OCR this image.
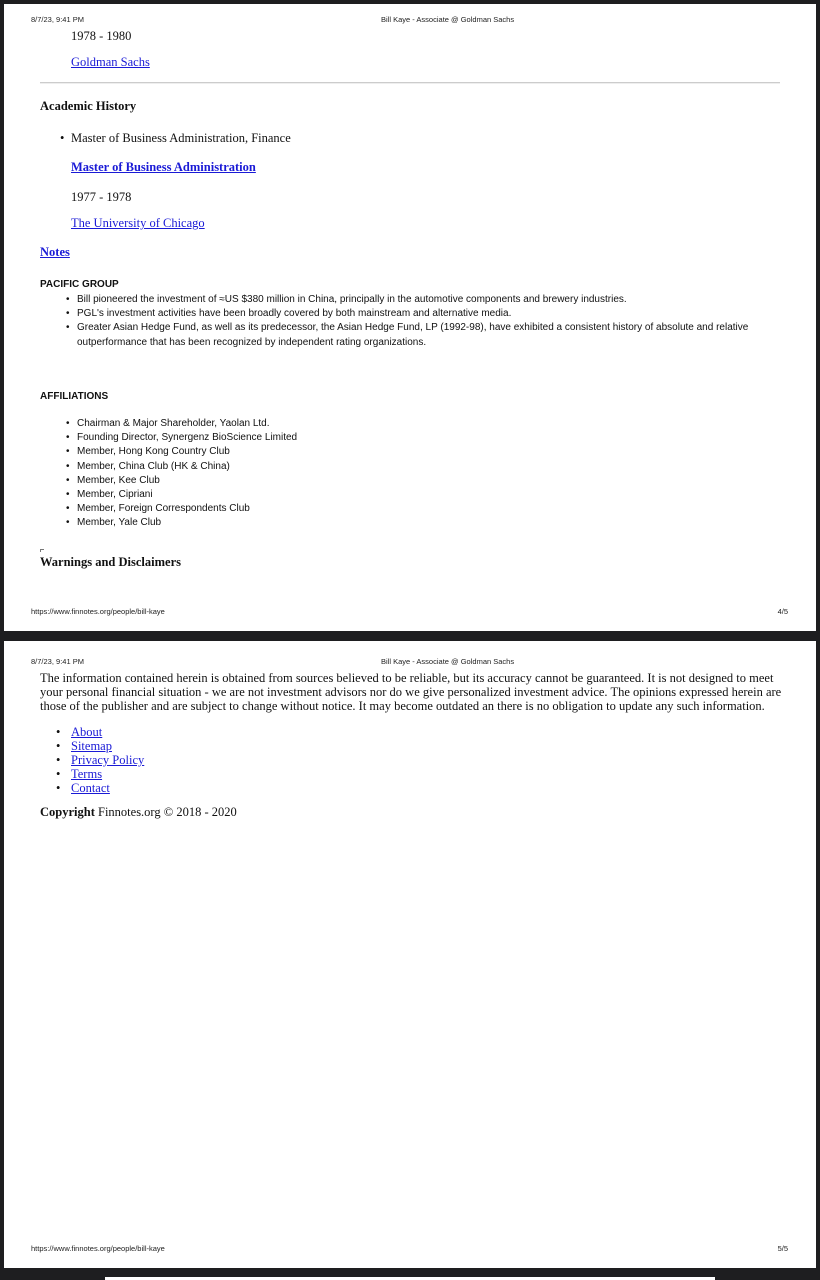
8/7/23, 9:41 PM	Bill Kaye - Associate @ Goldman Sachs
1978 - 1980
Goldman Sachs
Academic History
• Master of Business Administration, Finance
Master of Business Administration
1977 - 1978
The University of Chicago
Notes
PACIFIC GROUP
• Bill pioneered the investment of ≈US $380 million in China, principally in the automotive components and brewery industries.
• PGL's investment activities have been broadly covered by both mainstream and alternative media.
• Greater Asian Hedge Fund, as well as its predecessor, the Asian Hedge Fund, LP (1992-98), have exhibited a consistent history of absolute and relative outperformance that has been recognized by independent rating organizations.
AFFILIATIONS
• Chairman & Major Shareholder, Yaolan Ltd.
• Founding Director, Synergenz BioScience Limited
• Member, Hong Kong Country Club
• Member, China Club (HK & China)
• Member, Kee Club
• Member, Cipriani
• Member, Foreign Correspondents Club
• Member, Yale Club
Warnings and Disclaimers
https://www.finnotes.org/people/bill-kaye	4/5
8/7/23, 9:41 PM	Bill Kaye - Associate @ Goldman Sachs
The information contained herein is obtained from sources believed to be reliable, but its accuracy cannot be guaranteed. It is not designed to meet your personal financial situation - we are not investment advisors nor do we give personalized investment advice. The opinions expressed herein are those of the publisher and are subject to change without notice. It may become outdated an there is no obligation to update any such information.
• About
• Sitemap
• Privacy Policy
• Terms
• Contact
Copyright Finnotes.org © 2018 - 2020
https://www.finnotes.org/people/bill-kaye	5/5
